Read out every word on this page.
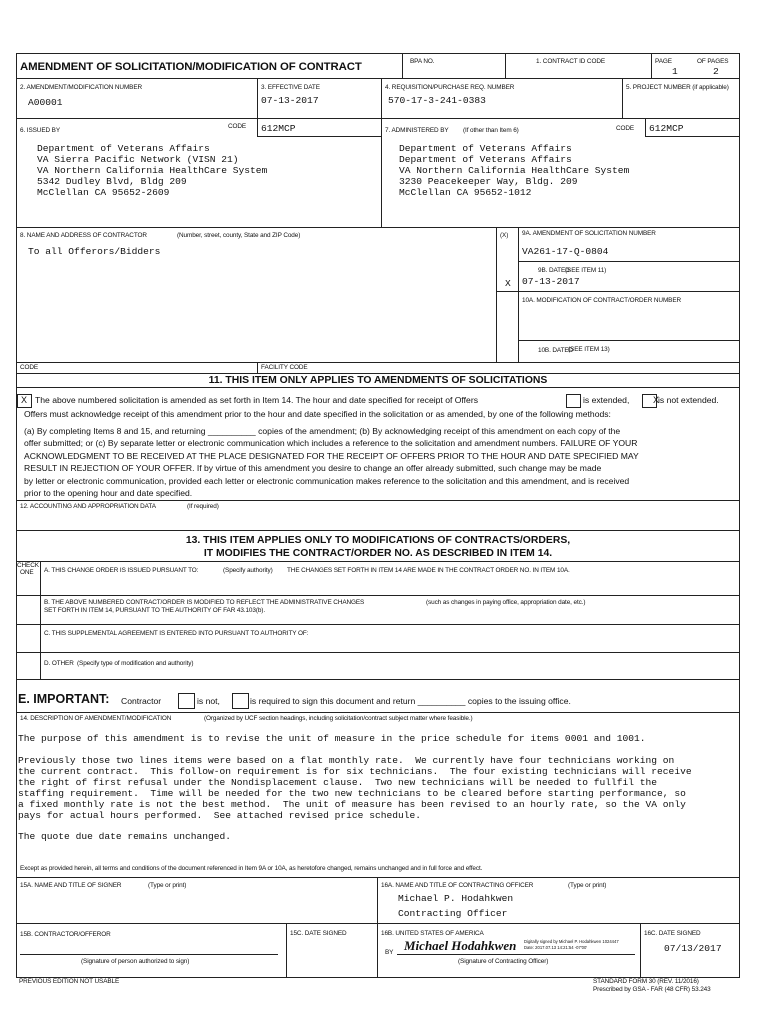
AMENDMENT OF SOLICITATION/MODIFICATION OF CONTRACT	BPA NO.	1. CONTRACT ID CODE	PAGE	OF PAGES
1	2
2. AMENDMENT/MODIFICATION NUMBER
A00001
3. EFFECTIVE DATE
07-13-2017
4. REQUISITION/PURCHASE REQ. NUMBER
570-17-3-241-0383
5. PROJECT NUMBER (if applicable)
6. ISSUED BY
CODE 612MCP
Department of Veterans Affairs
VA Sierra Pacific Network (VISN 21)
VA Northern California HealthCare System
5342 Dudley Blvd, Bldg 209
McClellan CA 95652-2609
7. ADMINISTERED BY (If other than Item 6)	CODE 612MCP
Department of Veterans Affairs
Department of Veterans Affairs
VA Northern California HealthCare System
3230 Peacekeeper Way, Bldg. 209
McClellan CA 95652-1012
8. NAME AND ADDRESS OF CONTRACTOR	(Number, street, county, State and ZIP Code)
To all Offerors/Bidders
(X) 9A. AMENDMENT OF SOLICITATION NUMBER
VA261-17-Q-0804
9B. DATED
(SEE ITEM 11)
X 07-13-2017
10A. MODIFICATION OF CONTRACT/ORDER NUMBER
10B. DATED
(SEE ITEM 13)
CODE	FACILITY CODE
11. THIS ITEM ONLY APPLIES TO AMENDMENTS OF SOLICITATIONS
X The above numbered solicitation is amended as set forth in Item 14. The hour and date specified for receipt of Offers	is extended,	X
is not extended.
Offers must acknowledge receipt of this amendment prior to the hour and date specified in the solicitation or as amended, by one of the following methods:
(a) By completing Items 8 and 15, and returning __________ copies of the amendment; (b) By acknowledging receipt of this amendment on each copy of the
offer submitted; or (c) By separate letter or electronic communication which includes a reference to the solicitation and amendment numbers. FAILURE OF YOUR
ACKNOWLEDGMENT TO BE RECEIVED AT THE PLACE DESIGNATED FOR THE RECEIPT OF OFFERS PRIOR TO THE HOUR AND DATE SPECIFIED MAY
RESULT IN REJECTION OF YOUR OFFER. If by virtue of this amendment you desire to change an offer already submitted, such change may be made
by letter or electronic communication, provided each letter or electronic communication makes reference to the solicitation and this amendment, and is received
prior to the opening hour and date specified.
12. ACCOUNTING AND APPROPRIATION DATA	(If required)
13. THIS ITEM APPLIES ONLY TO MODIFICATIONS OF CONTRACTS/ORDERS,
IT MODIFIES THE CONTRACT/ORDER NO. AS DESCRIBED IN ITEM 14.
CHECK
ONE A. THIS CHANGE ORDER IS ISSUED PURSUANT TO:	(Specify authority) THE CHANGES SET FORTH IN ITEM 14 ARE MADE IN THE CONTRACT ORDER NO. IN ITEM 10A.
B. THE ABOVE NUMBERED CONTRACT/ORDER IS MODIFIED TO REFLECT THE ADMINISTRATIVE CHANGES	(such as changes in paying office, appropriation date, etc.)
SET FORTH IN ITEM 14, PURSUANT TO THE AUTHORITY OF FAR 43.103(b).
C. THIS SUPPLEMENTAL AGREEMENT IS ENTERED INTO PURSUANT TO AUTHORITY OF:
D. OTHER (Specify type of modification and authority)
E. IMPORTANT: Contractor	is not,	is required to sign this document and return __________ copies to the issuing office.
14. DESCRIPTION OF AMENDMENT/MODIFICATION	(Organized by UCF section headings, including solicitation/contract subject matter where feasible.)
The purpose of this amendment is to revise the unit of measure in the price schedule for items 0001 and 1001.
Previously those two lines items were based on a flat monthly rate.  We currently have four technicians working on
the current contract.  This follow-on requirement is for six technicians.  The four existing technicians will receive
the right of first refusal under the Nondisplacement clause.  Two new technicians will be needed to fullfil the
staffing requirement.  Time will be needed for the two new technicians to be cleared before starting performance, so
a fixed monthly rate is not the best method.  The unit of measure has been revised to an hourly rate, so the VA only
pays for actual hours performed.  See attached revised price schedule.
The quote due date remains unchanged.
Except as provided herein, all terms and conditions of the document referenced in Item 9A or 10A, as heretofore changed, remains unchanged and in full force and effect.
15A. NAME AND TITLE OF SIGNER	(Type or print)	16A. NAME AND TITLE OF CONTRACTING OFFICER	(Type or print)
Michael P. Hodahkwen
Contracting Officer
15B. CONTRACTOR/OFFEROR
(Signature of person authorized to sign)
15C. DATE SIGNED	16B. UNITED STATES OF AMERICA
BY Michael Hodahkwen Digitally signed by Michael P. Hodahkwen 1024447
Date: 2017.07.13 14:21:54 -07'00'
(Signature of Contracting Officer)
16C. DATE SIGNED
07/13/2017
PREVIOUS EDITION NOT USABLE	STANDARD FORM 30 (REV. 11/2016)
Prescribed by GSA - FAR (48 CFR) 53.243
